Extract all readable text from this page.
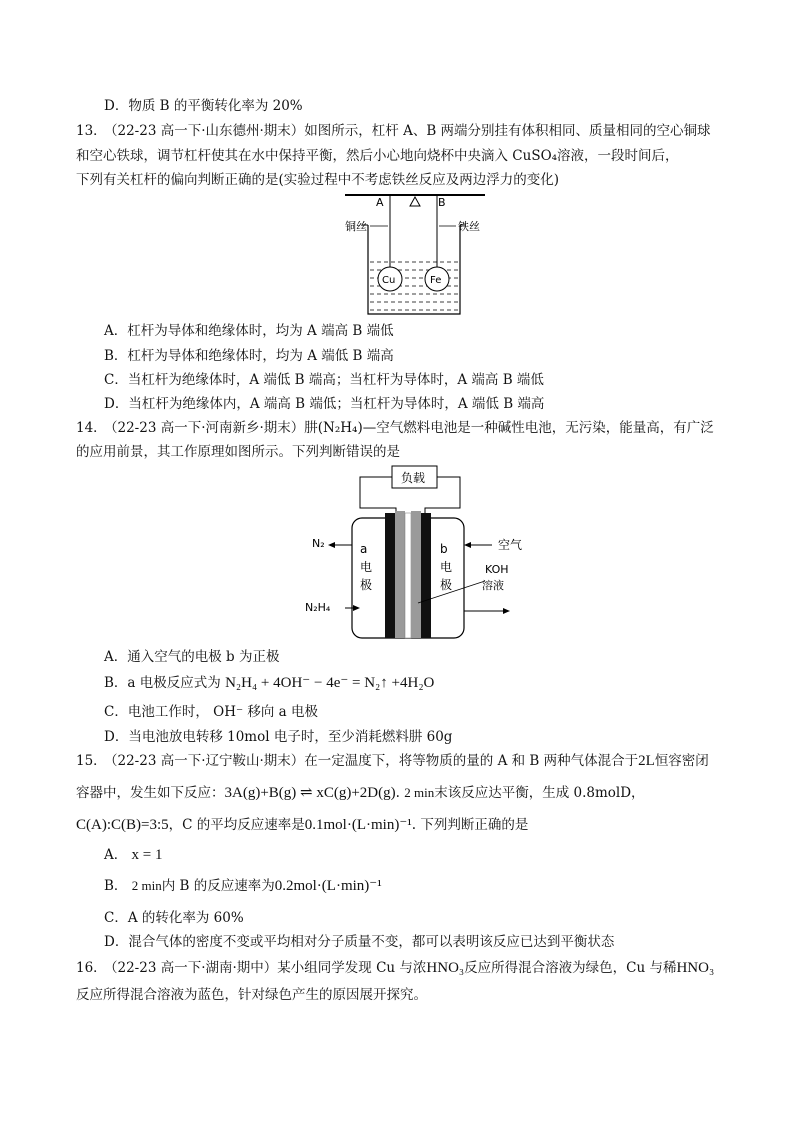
D．物质 B 的平衡转化率为 20%
13．
（22-23 高一下·山东德州·期末）如图所示，杠杆 A、B 两端分别挂有体积相同、质量相同的空心铜球
和空心铁球，调节杠杆使其在水中保持平衡，然后小心地向烧杯中央滴入 CuSO₄溶液，一段时间后，
下列有关杠杆的偏向判断正确的是(实验过程中不考虑铁丝反应及两边浮力的变化)
A	B
铜丝	铁丝
Cu	Fe
A．杠杆为导体和绝缘体时，均为 A 端高 B 端低
B．杠杆为导体和绝缘体时，均为 A 端低 B 端高
C．当杠杆为绝缘体时，A 端低 B 端高；当杠杆为导体时，A 端高 B 端低
D．当杠杆为绝缘体内，A 端高 B 端低；当杠杆为导体时，A 端低 B 端高
14．
（22-23 高一下·河南新乡·期末）肼(N₂H₄)—空气燃料电池是一种碱性电池，无污染，能量高，有广泛
的应用前景，其工作原理如图所示。下列判断错误的是
负载
a
电
极
b
电
极
KOH
溶液
N₂
N₂H₄
空气
A．通入空气的电极 b 为正极
B．a 电极反应式为 N₂H₄ + 4OH⁻ − 4e⁻ = N₂↑ +4H₂O
C．电池工作时， OH⁻ 移向 a 电极
D．当电池放电转移 10mol 电子时，至少消耗燃料肼 60g
15．
（22-23 高一下·辽宁鞍山·期末）在一定温度下，将等物质的量的 A 和 B 两种气体混合于2L恒容密闭
容器中，发生如下反应：3A(g)+B(g) ⇌ xC(g)+2D(g). 2 min末该反应达平衡，生成 0.8molD，
C(A):C(B)=3:5，C 的平均反应速率是0.1mol·(L·min)⁻¹. 下列判断正确的是
A． x = 1
B． 2 min内 B 的反应速率为0.2mol·(L·min)⁻¹
C．A 的转化率为 60%
D．混合气体的密度不变或平均相对分子质量不变，都可以表明该反应已达到平衡状态
16．
（22-23 高一下·湖南·期中）某小组同学发现 Cu 与浓HNO₃反应所得混合溶液为绿色，Cu 与稀HNO₃
反应所得混合溶液为蓝色，针对绿色产生的原因展开探究。
